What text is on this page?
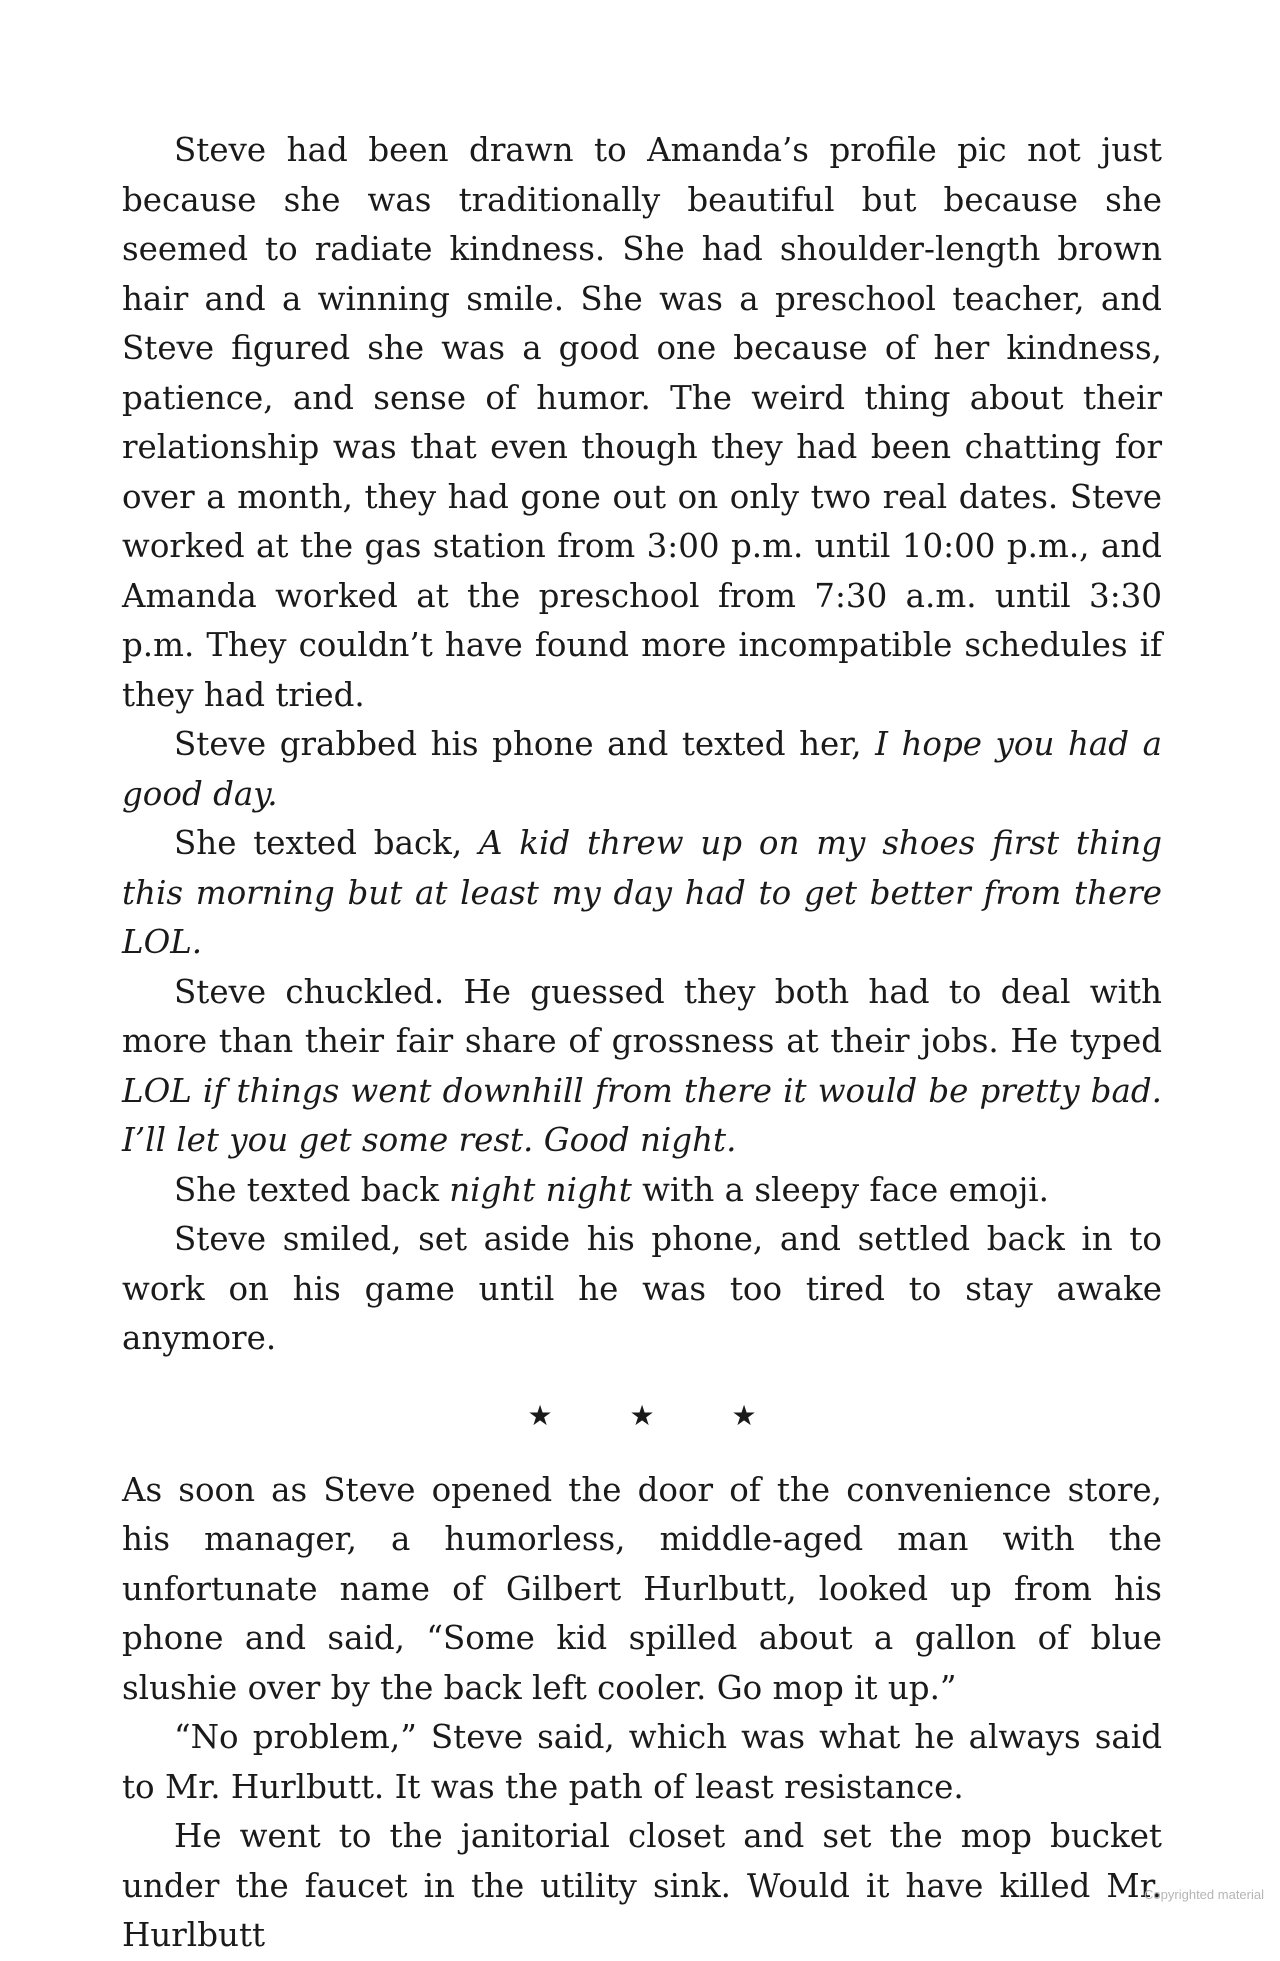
Steve had been drawn to Amanda’s profile pic not just because she was traditionally beautiful but because she seemed to radiate kindness. She had shoulder-length brown hair and a winning smile. She was a preschool teacher, and Steve figured she was a good one because of her kindness, patience, and sense of humor. The weird thing about their relationship was that even though they had been chatting for over a month, they had gone out on only two real dates. Steve worked at the gas station from 3:00 p.m. until 10:00 p.m., and Amanda worked at the preschool from 7:30 a.m. until 3:30 p.m. They couldn’t have found more incompatible schedules if they had tried.

Steve grabbed his phone and texted her, I hope you had a good day.

She texted back, A kid threw up on my shoes first thing this morning but at least my day had to get better from there LOL.

Steve chuckled. He guessed they both had to deal with more than their fair share of grossness at their jobs. He typed LOL if things went downhill from there it would be pretty bad. I’ll let you get some rest. Good night.

She texted back night night with a sleepy face emoji.

Steve smiled, set aside his phone, and settled back in to work on his game until he was too tired to stay awake anymore.

★ ★ ★

As soon as Steve opened the door of the convenience store, his manager, a humorless, middle-aged man with the unfortunate name of Gilbert Hurlbutt, looked up from his phone and said, “Some kid spilled about a gallon of blue slushie over by the back left cooler. Go mop it up.”

“No problem,” Steve said, which was what he always said to Mr. Hurlbutt. It was the path of least resistance.

He went to the janitorial closet and set the mop bucket under the faucet in the utility sink. Would it have killed Mr. Hurlbutt

Copyrighted material
